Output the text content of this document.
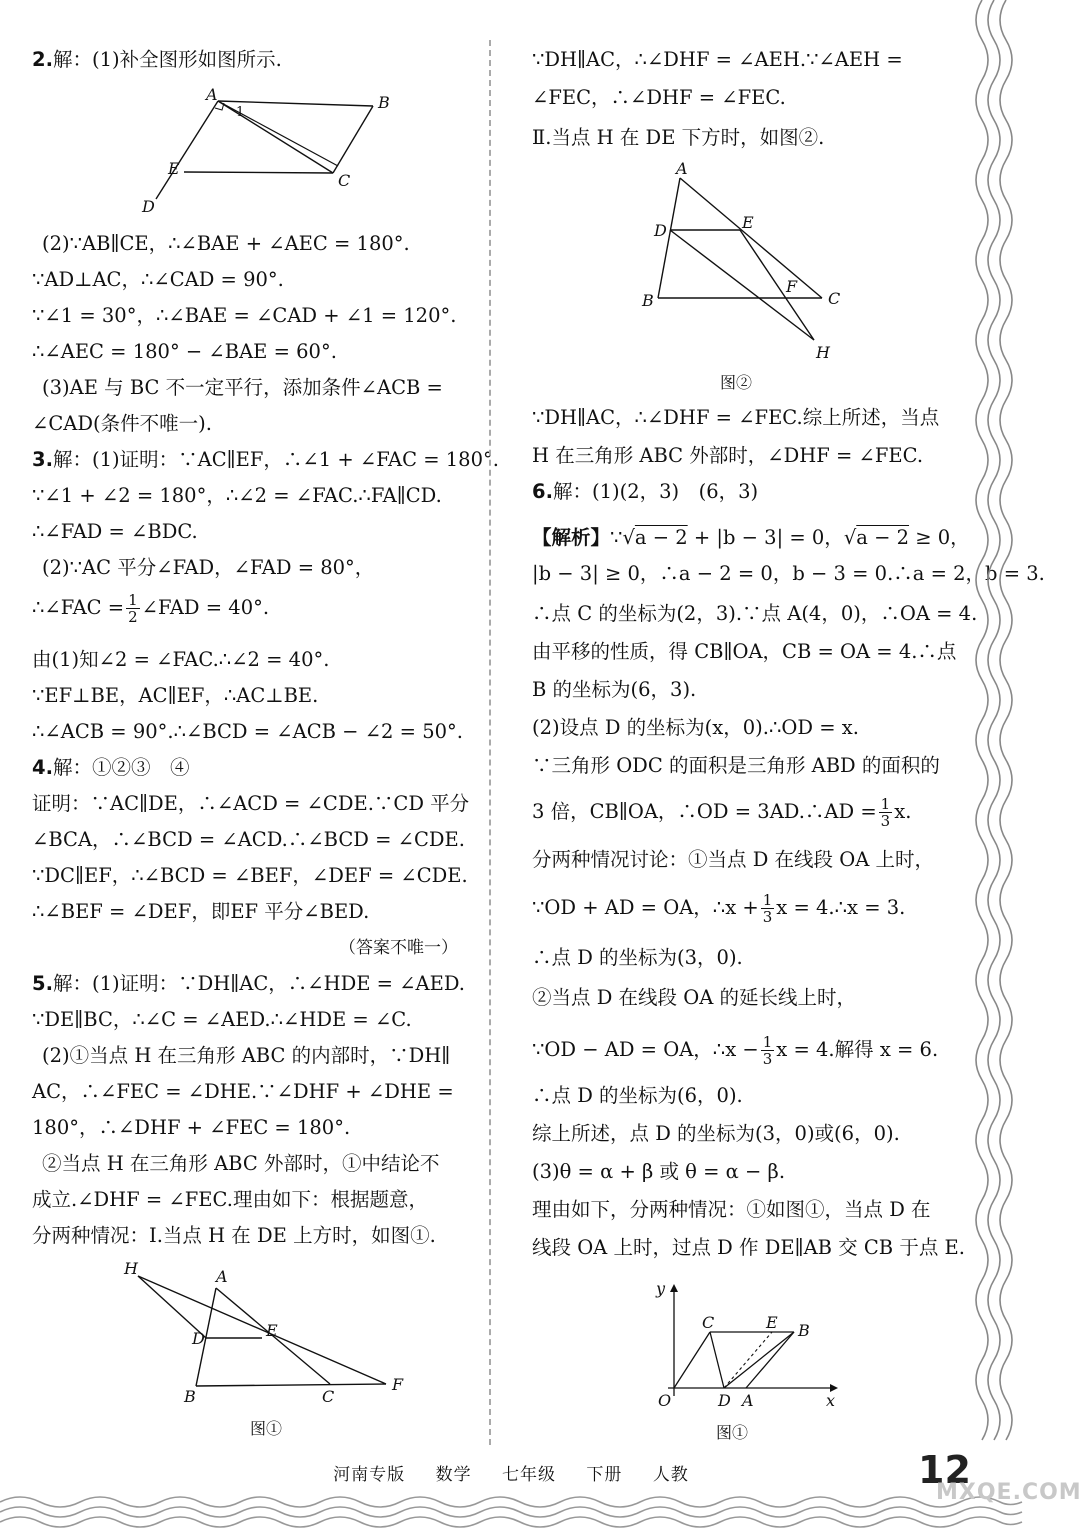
2.解：(1)补全图形如图所示.
A	B
E
C
D
1
(2)∵AB∥CE，∴∠BAE + ∠AEC = 180°.
∵AD⊥AC，∴∠CAD = 90°.
∵∠1 = 30°，∴∠BAE = ∠CAD + ∠1 = 120°.
∴∠AEC = 180° − ∠BAE = 60°.
(3)AE 与 BC 不一定平行，添加条件∠ACB =
∠CAD(条件不唯一).
3.解：(1)证明：∵AC∥EF，∴∠1 + ∠FAC = 180°.
∵∠1 + ∠2 = 180°，∴∠2 = ∠FAC.∴FA∥CD.
∴∠FAD = ∠BDC.
(2)∵AC 平分∠FAD，∠FAD = 80°，
∴∠FAC = $\frac{1}{2}$ ∠FAD = 40°.
由(1)知∠2 = ∠FAC.∴∠2 = 40°.
∵EF⊥BE，AC∥EF，∴AC⊥BE.
∴∠ACB = 90°.∴∠BCD = ∠ACB − ∠2 = 50°.
4.解：①②③　④
证明：∵AC∥DE，∴∠ACD = ∠CDE.∵CD 平分
∠BCA，∴∠BCD = ∠ACD.∴∠BCD = ∠CDE.
∵DC∥EF，∴∠BCD = ∠BEF，∠DEF = ∠CDE.
∴∠BEF = ∠DEF，即EF 平分∠BED.
（答案不唯一）
5.解：(1)证明：∵DH∥AC，∴∠HDE = ∠AED.
∵DE∥BC，∴∠C = ∠AED.∴∠HDE = ∠C.
(2)①当点 H 在三角形 ABC 的内部时，∵DH∥
AC，∴∠FEC = ∠DHE.∵∠DHF + ∠DHE =
180°，∴∠DHF + ∠FEC = 180°.
②当点 H 在三角形 ABC 外部时，①中结论不
成立.∠DHF = ∠FEC.理由如下：根据题意，
分两种情况：Ⅰ.当点 H 在 DE 上方时，如图①.
H	A
D	E
B	C
F
图①
∵DH∥AC，∴∠DHF = ∠AEH.∵∠AEH =
∠FEC，∴∠DHF = ∠FEC.
Ⅱ.当点 H 在 DE 下方时，如图②.
A
D	E
F
B	C
H
图②
∵DH∥AC，∴∠DHF = ∠FEC.综上所述，当点
H 在三角形 ABC 外部时，∠DHF = ∠FEC.
6.解：(1)(2，3)　(6，3)
【解析】∵√a − 2 + |b − 3| = 0，√a − 2 ≥ 0，
|b − 3| ≥ 0，∴a − 2 = 0，b − 3 = 0.∴a = 2，b = 3.
∴点 C 的坐标为(2，3).∵点 A(4，0)，∴OA = 4.
由平移的性质，得 CB∥OA，CB = OA = 4.∴点
B 的坐标为(6，3).
(2)设点 D 的坐标为(x，0).∴OD = x.
∵三角形 ODC 的面积是三角形 ABD 的面积的
3 倍，CB∥OA，∴OD = 3AD.∴AD = $\frac{1}{3} x$.
分两种情况讨论：①当点 D 在线段 OA 上时，
∵OD + AD = OA，∴x + $\frac{1}{3}$ x = 4.∴x = 3.
∴点 D 的坐标为(3，0).
②当点 D 在线段 OA 的延长线上时，
∵OD − AD = OA，∴x − $\frac{1}{3}$ x = 4.解得 x = 6.
∴点 D 的坐标为(6，0).
综上所述，点 D 的坐标为(3，0)或(6，0).
(3)θ = α + β 或 θ = α − β.
理由如下，分两种情况：①如图①，当点 D 在
线段 OA 上时，过点 D 作 DE∥AB 交 CB 于点 E.
y
O
C	E B
D A	x
图①
河南专版 数学 七年级 下册 人教	12
MXQE.COM
